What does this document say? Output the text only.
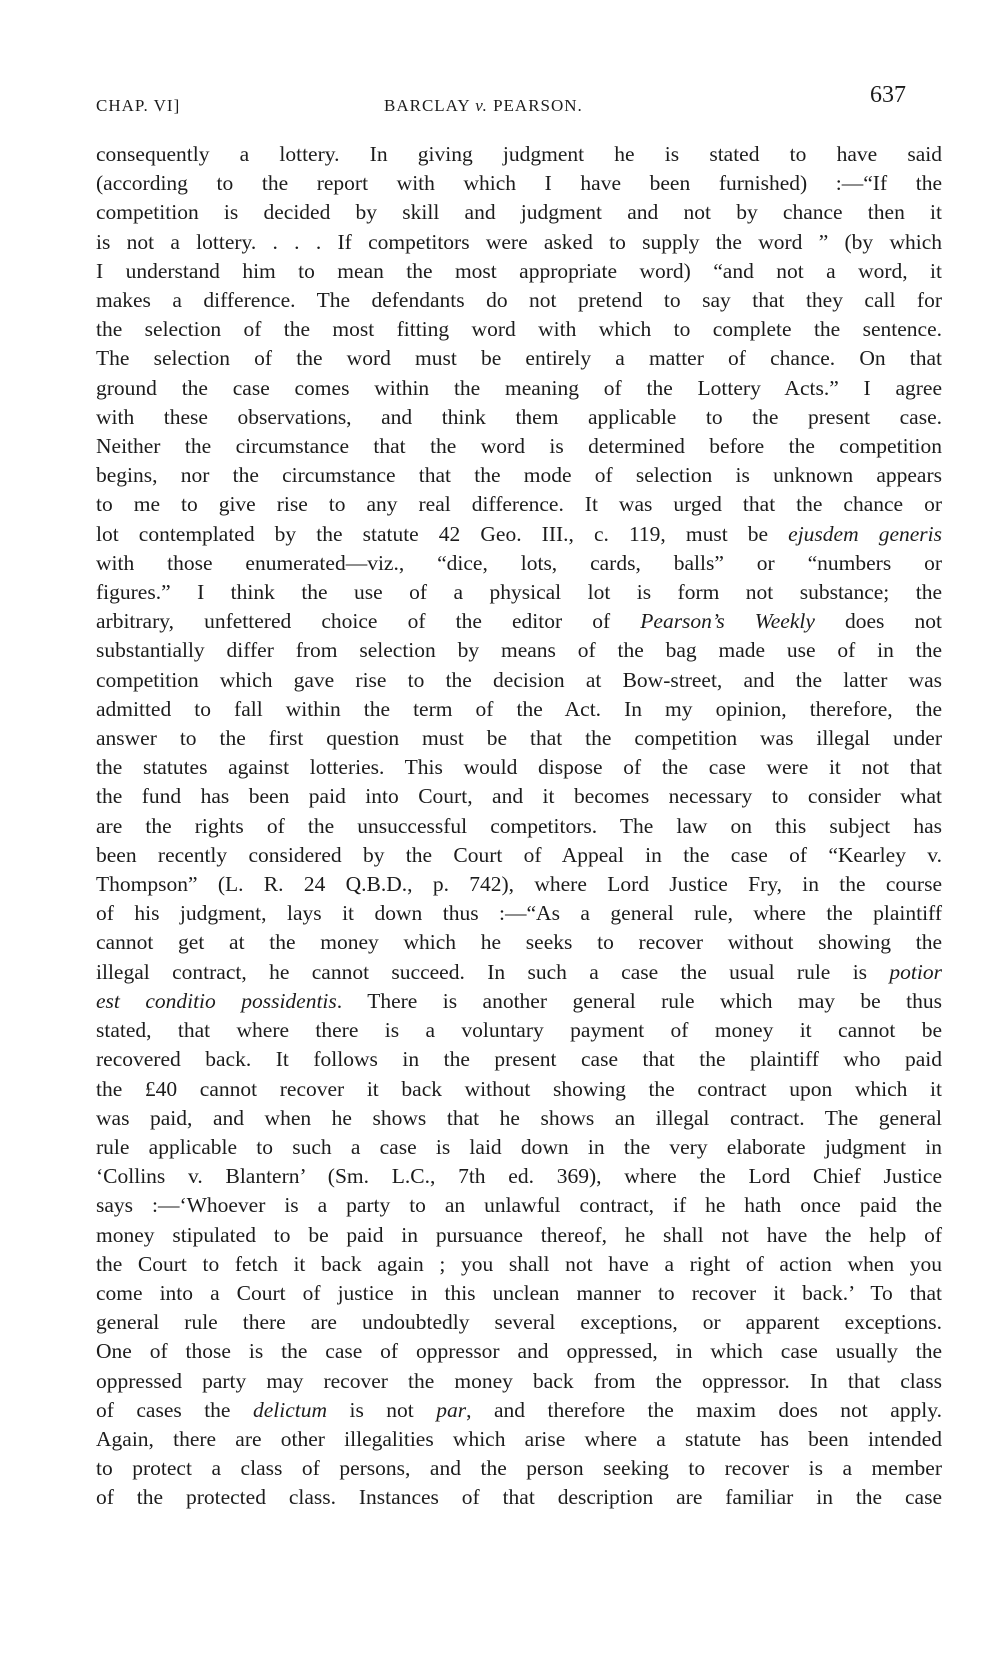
CHAP. VI]	BARCLAY v. PEARSON.	637
consequently a lottery. In giving judgment he is stated to have said
(according to the report with which I have been furnished) :—“If the
competition is decided by skill and judgment and not by chance then it
is not a lottery. . . . If competitors were asked to supply the word ” (by which
I understand him to mean the most appropriate word) “and not a word, it
makes a difference. The defendants do not pretend to say that they call for
the selection of the most fitting word with which to complete the sentence.
The selection of the word must be entirely a matter of chance. On that
ground the case comes within the meaning of the Lottery Acts.” I agree
with these observations, and think them applicable to the present case.
Neither the circumstance that the word is determined before the competition
begins, nor the circumstance that the mode of selection is unknown appears
to me to give rise to any real difference. It was urged that the chance or
lot contemplated by the statute 42 Geo. III., c. 119, must be ejusdem generis
with those enumerated—viz., “dice, lots, cards, balls” or “numbers or
figures.” I think the use of a physical lot is form not substance; the
arbitrary, unfettered choice of the editor of Pearson’s Weekly does not
substantially differ from selection by means of the bag made use of in the
competition which gave rise to the decision at Bow-street, and the latter was
admitted to fall within the term of the Act. In my opinion, therefore, the
answer to the first question must be that the competition was illegal under
the statutes against lotteries. This would dispose of the case were it not that
the fund has been paid into Court, and it becomes necessary to consider what
are the rights of the unsuccessful competitors. The law on this subject has
been recently considered by the Court of Appeal in the case of “Kearley v.
Thompson” (L. R. 24 Q.B.D., p. 742), where Lord Justice Fry, in the course
of his judgment, lays it down thus :—“As a general rule, where the plaintiff
cannot get at the money which he seeks to recover without showing the
illegal contract, he cannot succeed. In such a case the usual rule is potior
est conditio possidentis. There is another general rule which may be thus
stated, that where there is a voluntary payment of money it cannot be
recovered back. It follows in the present case that the plaintiff who paid
the £40 cannot recover it back without showing the contract upon which it
was paid, and when he shows that he shows an illegal contract. The general
rule applicable to such a case is laid down in the very elaborate judgment in
‘Collins v. Blantern’ (Sm. L.C., 7th ed. 369), where the Lord Chief Justice
says :—‘Whoever is a party to an unlawful contract, if he hath once paid the
money stipulated to be paid in pursuance thereof, he shall not have the help of
the Court to fetch it back again ; you shall not have a right of action when you
come into a Court of justice in this unclean manner to recover it back.’ To that
general rule there are undoubtedly several exceptions, or apparent exceptions.
One of those is the case of oppressor and oppressed, in which case usually the
oppressed party may recover the money back from the oppressor. In that class
of cases the delictum is not par, and therefore the maxim does not apply.
Again, there are other illegalities which arise where a statute has been intended
to protect a class of persons, and the person seeking to recover is a member
of the protected class. Instances of that description are familiar in the case
